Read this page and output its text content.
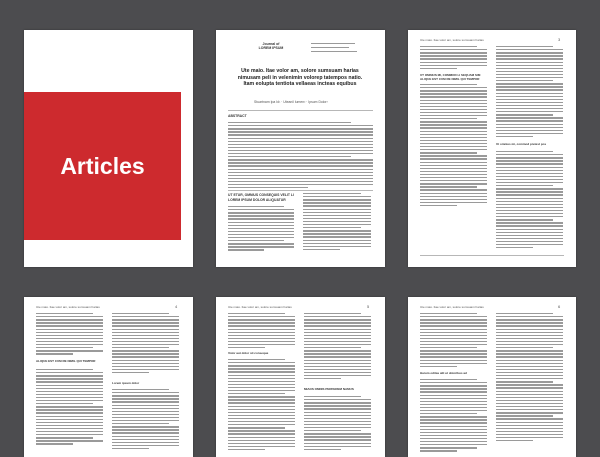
Articles
Journal of
LOREM IPSUM
Ute maio. Itae volor am, solore sumsuam harias nimusam peli in velenimin volorep tatempos natio. Itam eolupta tentiota vellaeas incteas equibus
Stuartnam Ipa Id¹ · Uteanil Iumen² · Ipsum Dolor³
ABSTRACT
UT ETUR, OMNIUS CONSEQUIS VELIT LI LOREM IPSUM DOLOR ALIQUATUR
Ute maio. Itae volor am, solore sumsuam harias	3
UT OMNIUS MI, COMMOD LI SEQUAM SIM ALIQUE EST CUM RE NIMIL QUI TEMPOR
Ut omnius mi, commod pretest pos
Ute maio. Itae volor am, solore sumsuam harias	4
ALIQUE EST CUM RE NIMIL QUI TEMPOR
Lorem ipsum dolor
Ute maio. Itae volor am, solore sumsuam harias	5
Volor aut dolor sit conseque
MIAOS OMNIS PERFEREM NAMUS
Ute maio. Itae volor am, solore sumsuam harias	6
Harum oditas alit ut doloribus ad
